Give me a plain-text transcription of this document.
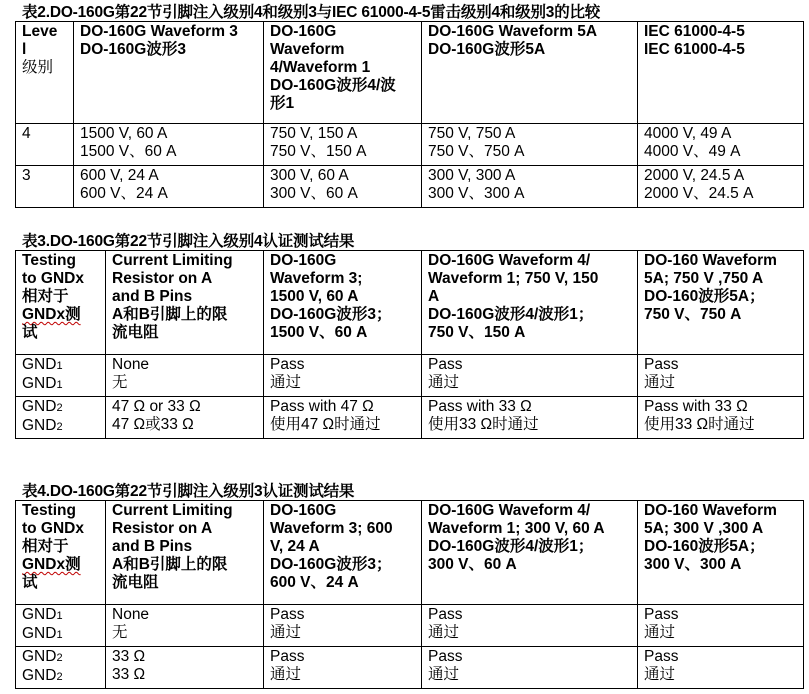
表2.DO-160G第22节引脚注入级别4和级别3与IEC 61000-4-5雷击级别4和级别3的比较
Leve
l
级别	DO-160G Waveform 3
DO-160G波形3	DO-160G
Waveform
4/Waveform 1
DO-160G波形4/波
形1	DO-160G Waveform 5A
DO-160G波形5A	IEC 61000-4-5
IEC 61000-4-5

4	1500 V, 60 A
1500 V、60 A	750 V, 150 A
750 V、150 A	750 V, 750 A
750 V、750 A	4000 V, 49 A
4000 V、49 A

3	600 V, 24 A
600 V、24 A	300 V, 60 A
300 V、60 A	300 V, 300 A
300 V、300 A	2000 V, 24.5 A
2000 V、24.5 A
表3.DO-160G第22节引脚注入级别4认证测试结果
Testing
to GNDx
相对于
GNDx测
试	Current Limiting
Resistor on A
and B Pins
A和B引脚上的限
流电阻	DO-160G
Waveform 3;
1500 V, 60 A
DO-160G波形3；
1500 V、60 A	DO-160G Waveform 4/
Waveform 1; 750 V, 150
A
DO-160G波形4/波形1；
750 V、150 A	DO-160 Waveform
5A; 750 V ,750 A
DO-160波形5A；
750 V、750 A

GND1
GND1	None
无	Pass
通过	Pass
通过	Pass
通过

GND2
GND2	47 Ω or 33 Ω
47 Ω或33 Ω	Pass with 47 Ω
使用47 Ω时通过	Pass with 33 Ω
使用33 Ω时通过	Pass with 33 Ω
使用33 Ω时通过
表4.DO-160G第22节引脚注入级别3认证测试结果
Testing
to GNDx
相对于
GNDx测
试	Current Limiting
Resistor on A
and B Pins
A和B引脚上的限
流电阻	DO-160G
Waveform 3; 600
V, 24 A
DO-160G波形3；
600 V、24 A	DO-160G Waveform 4/
Waveform 1; 300 V, 60 A
DO-160G波形4/波形1；
300 V、60 A	DO-160 Waveform
5A; 300 V ,300 A
DO-160波形5A；
300 V、300 A

GND1
GND1	None
无	Pass
通过	Pass
通过	Pass
通过

GND2
GND2	33 Ω
33 Ω	Pass
通过	Pass
通过	Pass
通过
